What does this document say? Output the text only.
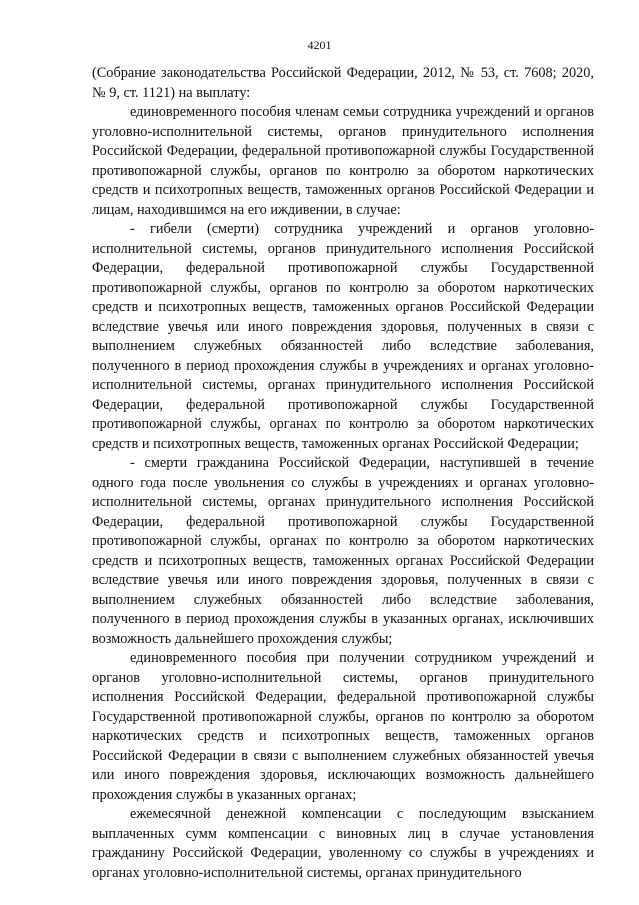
4201

(Собрание законодательства Российской Федерации, 2012, № 53, ст. 7608; 2020, № 9, ст. 1121) на выплату:

единовременного пособия членам семьи сотрудника учреждений и органов уголовно-исполнительной системы, органов принудительного исполнения Российской Федерации, федеральной противопожарной службы Государственной противопожарной службы, органов по контролю за оборотом наркотических средств и психотропных веществ, таможенных органов Российской Федерации и лицам, находившимся на его иждивении, в случае:

- гибели (смерти) сотрудника учреждений и органов уголовно-исполнительной системы, органов принудительного исполнения Российской Федерации, федеральной противопожарной службы Государственной противопожарной службы, органов по контролю за оборотом наркотических средств и психотропных веществ, таможенных органов Российской Федерации вследствие увечья или иного повреждения здоровья, полученных в связи с выполнением служебных обязанностей либо вследствие заболевания, полученного в период прохождения службы в учреждениях и органах уголовно-исполнительной системы, органах принудительного исполнения Российской Федерации, федеральной противопожарной службы Государственной противопожарной службы, органах по контролю за оборотом наркотических средств и психотропных веществ, таможенных органах Российской Федерации;

- смерти гражданина Российской Федерации, наступившей в течение одного года после увольнения со службы в учреждениях и органах уголовно-исполнительной системы, органах принудительного исполнения Российской Федерации, федеральной противопожарной службы Государственной противопожарной службы, органах по контролю за оборотом наркотических средств и психотропных веществ, таможенных органах Российской Федерации вследствие увечья или иного повреждения здоровья, полученных в связи с выполнением служебных обязанностей либо вследствие заболевания, полученного в период прохождения службы в указанных органах, исключивших возможность дальнейшего прохождения службы;

единовременного пособия при получении сотрудником учреждений и органов уголовно-исполнительной системы, органов принудительного исполнения Российской Федерации, федеральной противопожарной службы Государственной противопожарной службы, органов по контролю за оборотом наркотических средств и психотропных веществ, таможенных органов Российской Федерации в связи с выполнением служебных обязанностей увечья или иного повреждения здоровья, исключающих возможность дальнейшего прохождения службы в указанных органах;

ежемесячной денежной компенсации с последующим взысканием выплаченных сумм компенсации с виновных лиц в случае установления гражданину Российской Федерации, уволенному со службы в учреждениях и органах уголовно-исполнительной системы, органах принудительного
